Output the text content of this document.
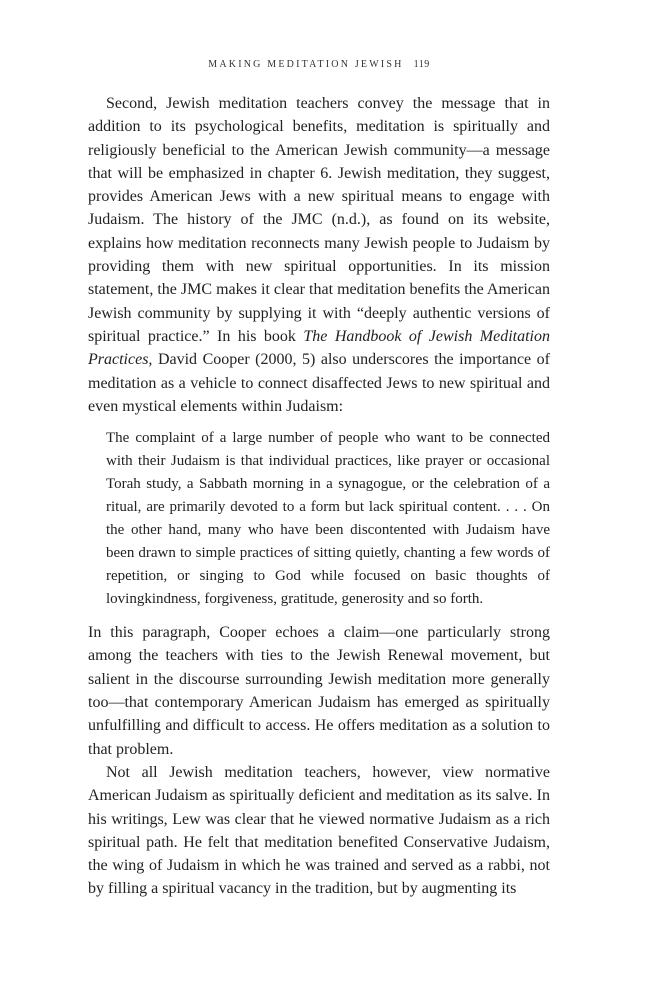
MAKING MEDITATION JEWISH 119

Second, Jewish meditation teachers convey the message that in addition to its psychological benefits, meditation is spiritually and religiously beneficial to the American Jewish community—a message that will be emphasized in chapter 6. Jewish meditation, they suggest, provides American Jews with a new spiritual means to engage with Judaism. The history of the JMC (n.d.), as found on its website, explains how meditation reconnects many Jewish people to Judaism by providing them with new spiritual opportunities. In its mission statement, the JMC makes it clear that meditation benefits the American Jewish community by supplying it with “deeply authentic versions of spiritual practice.” In his book The Handbook of Jewish Meditation Practices, David Cooper (2000, 5) also underscores the importance of meditation as a vehicle to connect disaffected Jews to new spiritual and even mystical elements within Judaism:

The complaint of a large number of people who want to be connected with their Judaism is that individual practices, like prayer or occasional Torah study, a Sabbath morning in a synagogue, or the celebration of a ritual, are primarily devoted to a form but lack spiritual content. . . . On the other hand, many who have been discontented with Judaism have been drawn to simple practices of sitting quietly, chanting a few words of repetition, or singing to God while focused on basic thoughts of lovingkindness, forgiveness, gratitude, generosity and so forth.

In this paragraph, Cooper echoes a claim—one particularly strong among the teachers with ties to the Jewish Renewal movement, but salient in the discourse surrounding Jewish meditation more generally too—that contemporary American Judaism has emerged as spiritually unfulfilling and difficult to access. He offers meditation as a solution to that problem.

Not all Jewish meditation teachers, however, view normative American Judaism as spiritually deficient and meditation as its salve. In his writings, Lew was clear that he viewed normative Judaism as a rich spiritual path. He felt that meditation benefited Conservative Judaism, the wing of Judaism in which he was trained and served as a rabbi, not by filling a spiritual vacancy in the tradition, but by augmenting its
